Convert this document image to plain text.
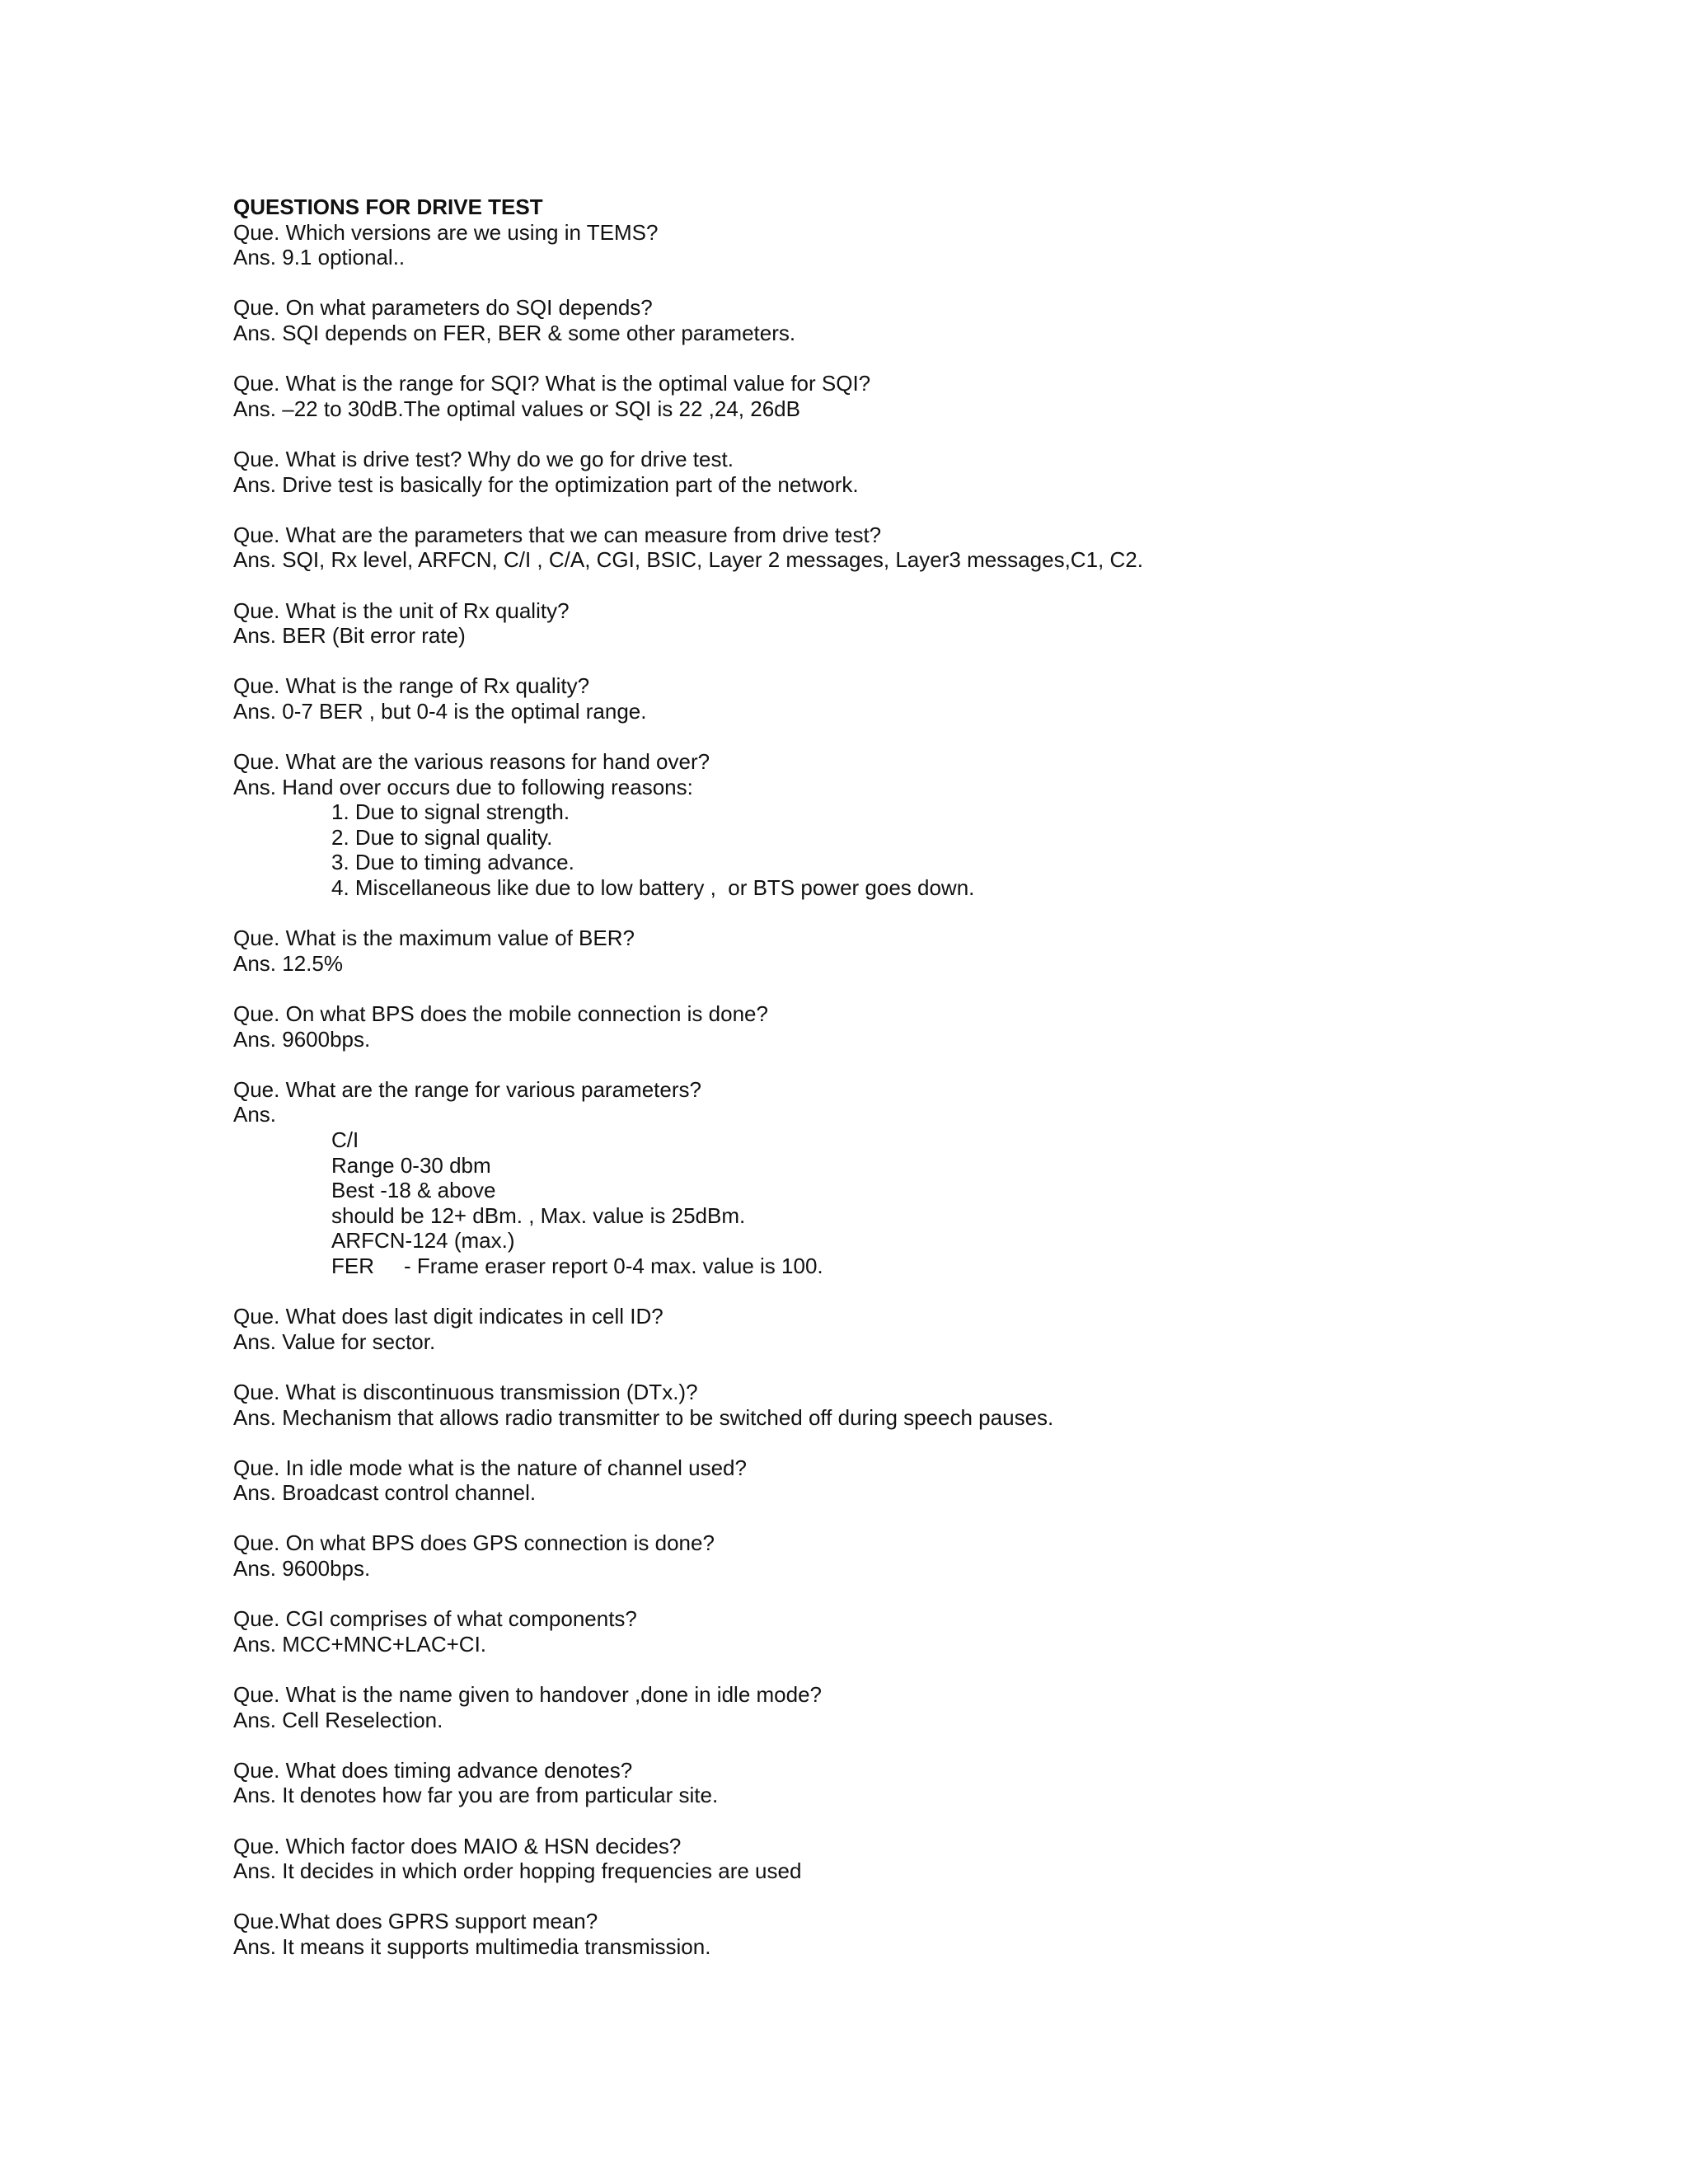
QUESTIONS FOR DRIVE TEST
Que. Which versions are we using in TEMS?
Ans. 9.1 optional..
Que. On what parameters do SQI depends?
Ans. SQI depends on FER, BER & some other parameters.
Que. What is the range for SQI? What is the optimal value for SQI?
Ans. –22 to 30dB.The optimal values or SQI is 22 ,24, 26dB
Que. What is drive test? Why do we go for drive test.
Ans. Drive test is basically for the optimization part of the network.
Que. What are the parameters that we can measure from drive test?
Ans. SQI, Rx level, ARFCN, C/I , C/A, CGI, BSIC, Layer 2 messages, Layer3 messages,C1, C2.
Que. What is the unit of Rx quality?
Ans. BER (Bit error rate)
Que. What is the range of Rx quality?
Ans. 0-7 BER , but 0-4 is the optimal range.
Que. What are the various reasons for hand over?
Ans. Hand over occurs due to following reasons:
1. Due to signal strength.
2. Due to signal quality.
3. Due to timing advance.
4. Miscellaneous like due to low battery ,  or BTS power goes down.
Que. What is the maximum value of BER?
Ans. 12.5%
Que. On what BPS does the mobile connection is done?
Ans. 9600bps.
Que. What are the range for various parameters?
Ans.
C/I
Range 0-30 dbm
Best -18 & above
should be 12+ dBm. , Max. value is 25dBm.
ARFCN-124 (max.)
FER - Frame eraser report 0-4 max. value is 100.
Que. What does last digit indicates in cell ID?
Ans. Value for sector.
Que. What is discontinuous transmission (DTx.)?
Ans. Mechanism that allows radio transmitter to be switched off during speech pauses.
Que. In idle mode what is the nature of channel used?
Ans. Broadcast control channel.
Que. On what BPS does GPS connection is done?
Ans. 9600bps.
Que. CGI comprises of what components?
Ans. MCC+MNC+LAC+CI.
Que. What is the name given to handover ,done in idle mode?
Ans. Cell Reselection.
Que. What does timing advance denotes?
Ans. It denotes how far you are from particular site.
Que. Which factor does MAIO & HSN decides?
Ans. It decides in which order hopping frequencies are used
Que.What does GPRS support mean?
Ans. It means it supports multimedia transmission.
